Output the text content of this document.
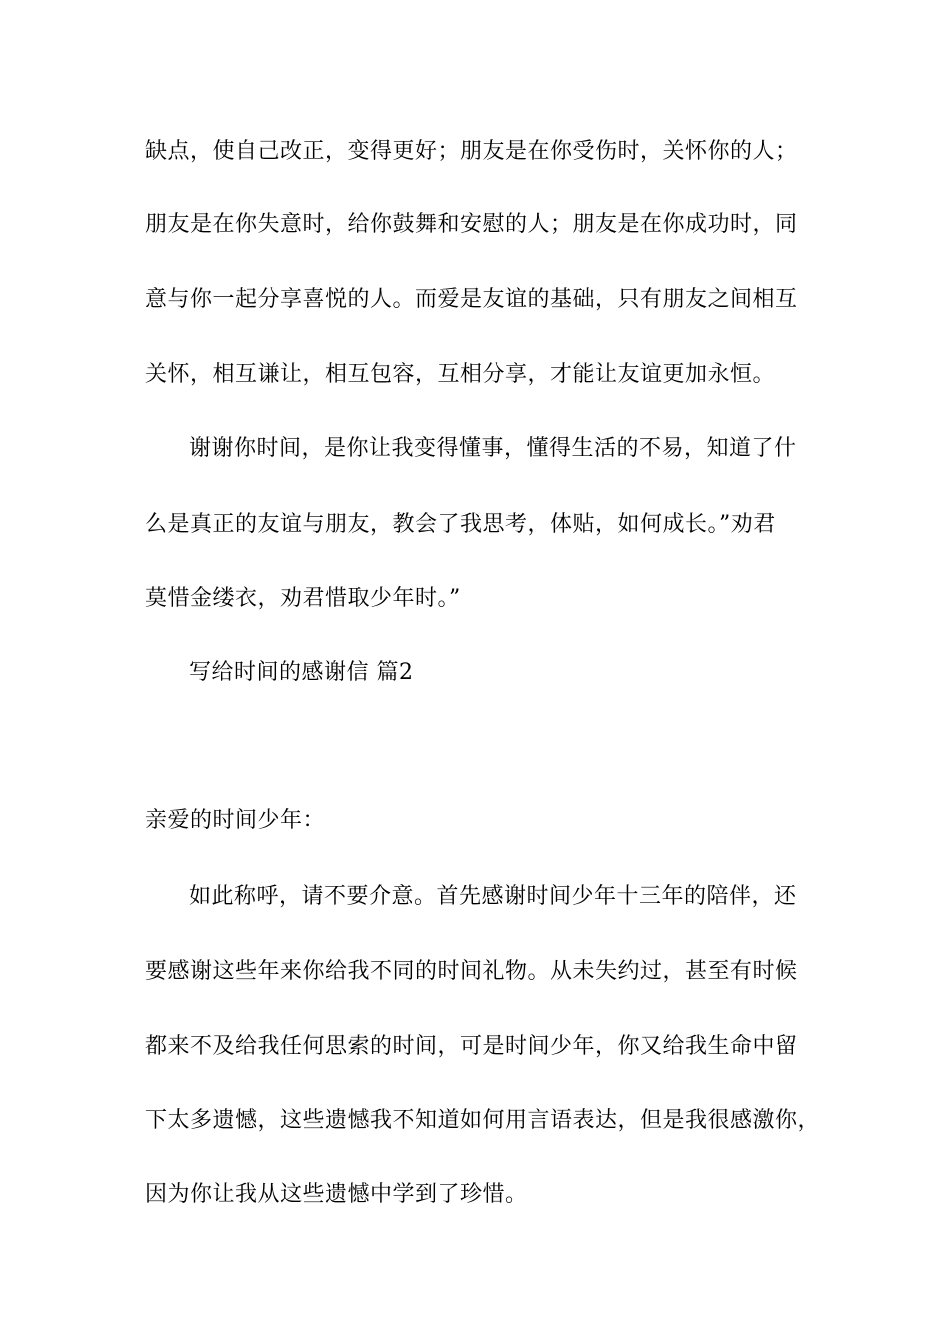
缺点，使自己改正，变得更好；朋友是在你受伤时，关怀你的人；
朋友是在你失意时，给你鼓舞和安慰的人；朋友是在你成功时，同
意与你一起分享喜悦的人。而爱是友谊的基础，只有朋友之间相互
关怀，相互谦让，相互包容，互相分享，才能让友谊更加永恒。
谢谢你时间，是你让我变得懂事，懂得生活的不易，知道了什
么是真正的友谊与朋友，教会了我思考，体贴，如何成长。”劝君
莫惜金缕衣，劝君惜取少年时。”
写给时间的感谢信 篇2
亲爱的时间少年：
如此称呼，请不要介意。首先感谢时间少年十三年的陪伴，还
要感谢这些年来你给我不同的时间礼物。从未失约过，甚至有时候
都来不及给我任何思索的时间，可是时间少年，你又给我生命中留
下太多遗憾，这些遗憾我不知道如何用言语表达，但是我很感激你，
因为你让我从这些遗憾中学到了珍惜。
